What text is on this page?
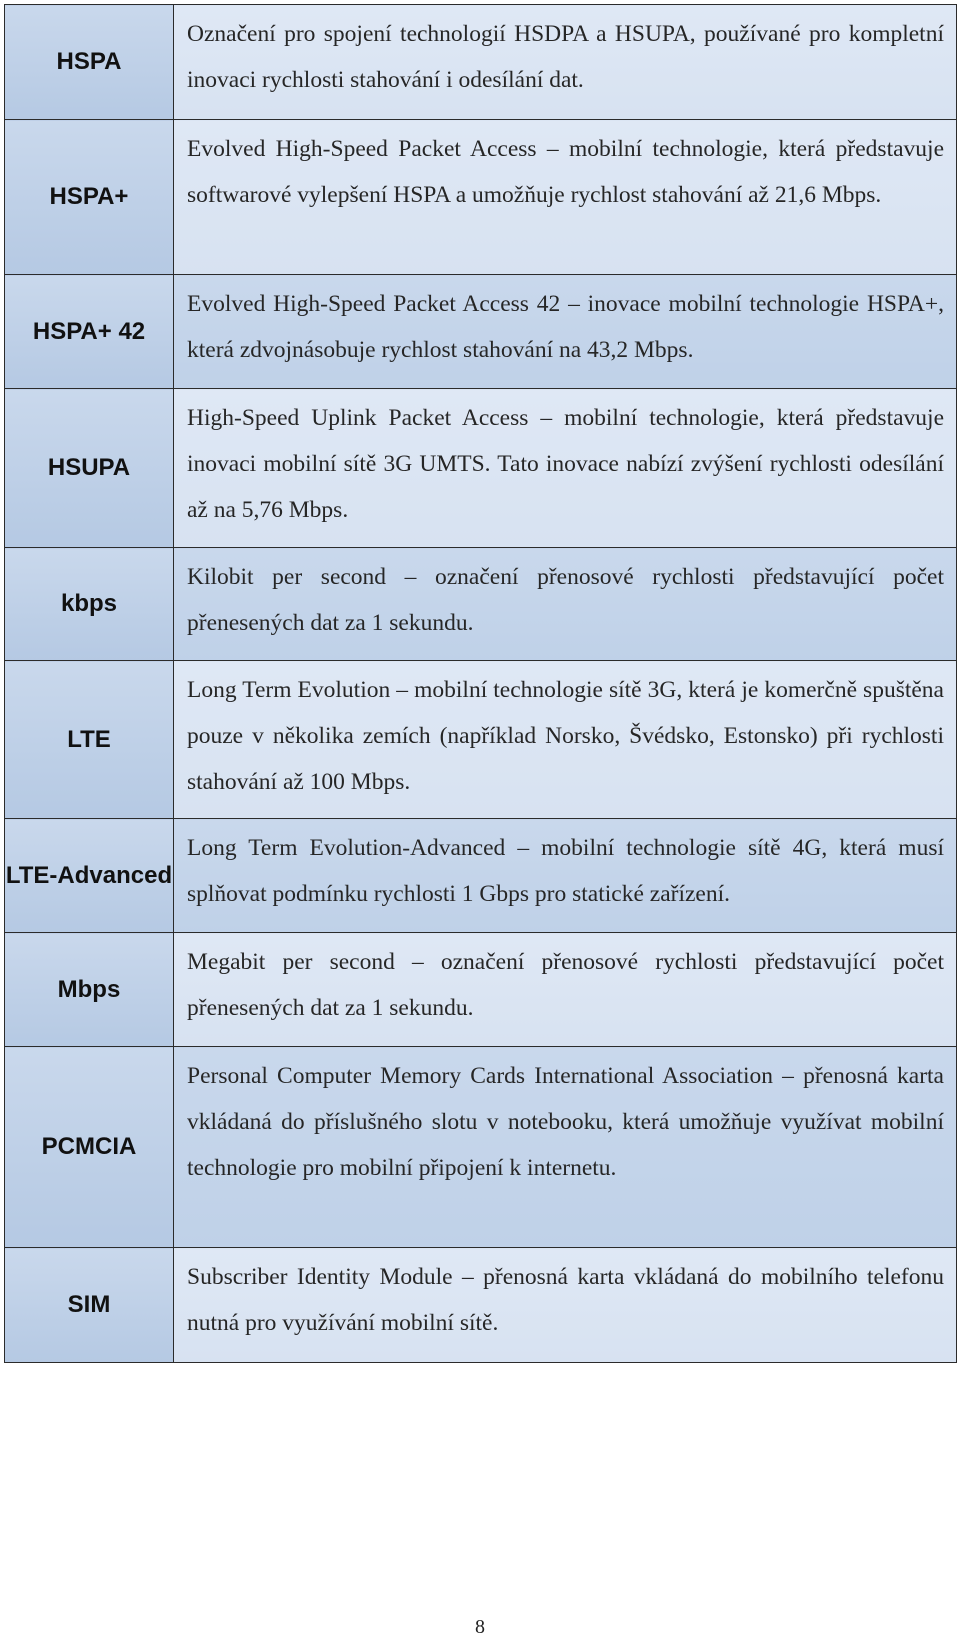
HSPA	Označení pro spojení technologií HSDPA a HSUPA, používané pro kompletní inovaci rychlosti stahování i odesílání dat.
HSPA+	Evolved High-Speed Packet Access – mobilní technologie, která představuje softwarové vylepšení HSPA a umožňuje rychlost stahování až 21,6 Mbps.
HSPA+ 42	Evolved High-Speed Packet Access 42 – inovace mobilní technologie HSPA+, která zdvojnásobuje rychlost stahování na 43,2 Mbps.
HSUPA	High-Speed Uplink Packet Access – mobilní technologie, která představuje inovaci mobilní sítě 3G UMTS. Tato inovace nabízí zvýšení rychlosti odesílání až na 5,76 Mbps.
kbps	Kilobit per second – označení přenosové rychlosti představující počet přenesených dat za 1 sekundu.
LTE	Long Term Evolution – mobilní technologie sítě 3G, která je komerčně spuštěna pouze v několika zemích (například Norsko, Švédsko, Estonsko) při rychlosti stahování až 100 Mbps.
LTE-Advanced	Long Term Evolution-Advanced – mobilní technologie sítě 4G, která musí splňovat podmínku rychlosti 1 Gbps pro statické zařízení.
Mbps	Megabit per second – označení přenosové rychlosti představující počet přenesených dat za 1 sekundu.
PCMCIA	Personal Computer Memory Cards International Association – přenosná karta vkládaná do příslušného slotu v notebooku, která umožňuje využívat mobilní technologie pro mobilní připojení k internetu.
SIM	Subscriber Identity Module – přenosná karta vkládaná do mobilního telefonu nutná pro využívání mobilní sítě.
8
